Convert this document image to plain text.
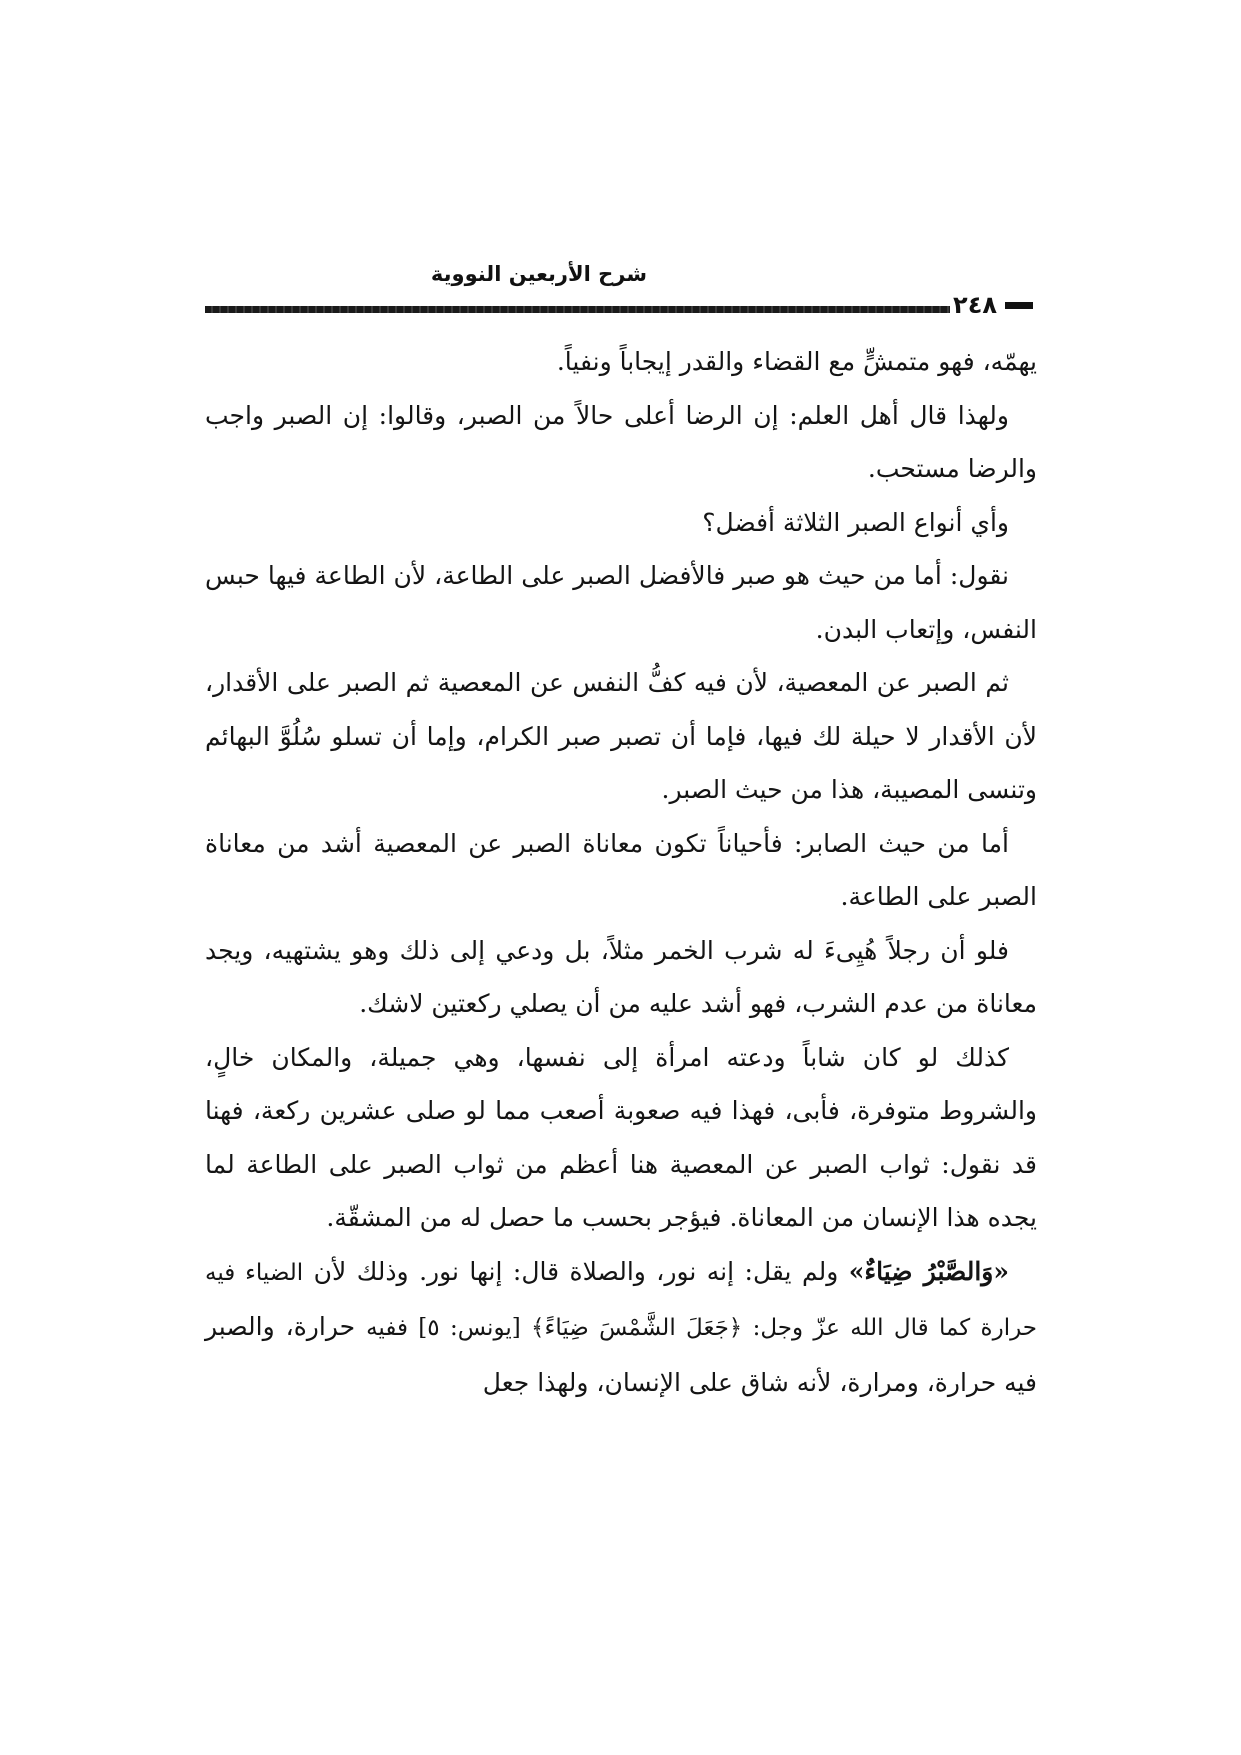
شرح الأربعين النووية
٢٤٨

يهمّه، فهو متمشٍّ مع القضاء والقدر إيجاباً ونفياً.

ولهذا قال أهل العلم: إن الرضا أعلى حالاً من الصبر، وقالوا: إن الصبر واجب والرضا مستحب.

وأي أنواع الصبر الثلاثة أفضل؟

نقول: أما من حيث هو صبر فالأفضل الصبر على الطاعة، لأن الطاعة فيها حبس النفس، وإتعاب البدن.

ثم الصبر عن المعصية، لأن فيه كفُّ النفس عن المعصية ثم الصبر على الأقدار، لأن الأقدار لا حيلة لك فيها، فإما أن تصبر صبر الكرام، وإما أن تسلو سُلُوَّ البهائم وتنسى المصيبة، هذا من حيث الصبر.

أما من حيث الصابر: فأحياناً تكون معاناة الصبر عن المعصية أشد من معاناة الصبر على الطاعة.

فلو أن رجلاً هُيِىءَ له شرب الخمر مثلاً، بل ودعي إلى ذلك وهو يشتهيه، ويجد معاناة من عدم الشرب، فهو أشد عليه من أن يصلي ركعتين لاشك.

كذلك لو كان شاباً ودعته امرأة إلى نفسها، وهي جميلة، والمكان خالٍ، والشروط متوفرة، فأبى، فهذا فيه صعوبة أصعب مما لو صلى عشرين ركعة، فهنا قد نقول: ثواب الصبر عن المعصية هنا أعظم من ثواب الصبر على الطاعة لما يجده هذا الإنسان من المعاناة. فيؤجر بحسب ما حصل له من المشقّة.

«وَالصَّبْرُ ضِيَاءٌ» ولم يقل: إنه نور، والصلاة قال: إنها نور. وذلك لأن الضياء فيه حرارة كما قال الله عزّ وجل: ﴿جَعَلَ الشَّمْسَ ضِيَاءً﴾ [يونس: ٥] ففيه حرارة، والصبر فيه حرارة، ومرارة، لأنه شاق على الإنسان، ولهذا جعل
